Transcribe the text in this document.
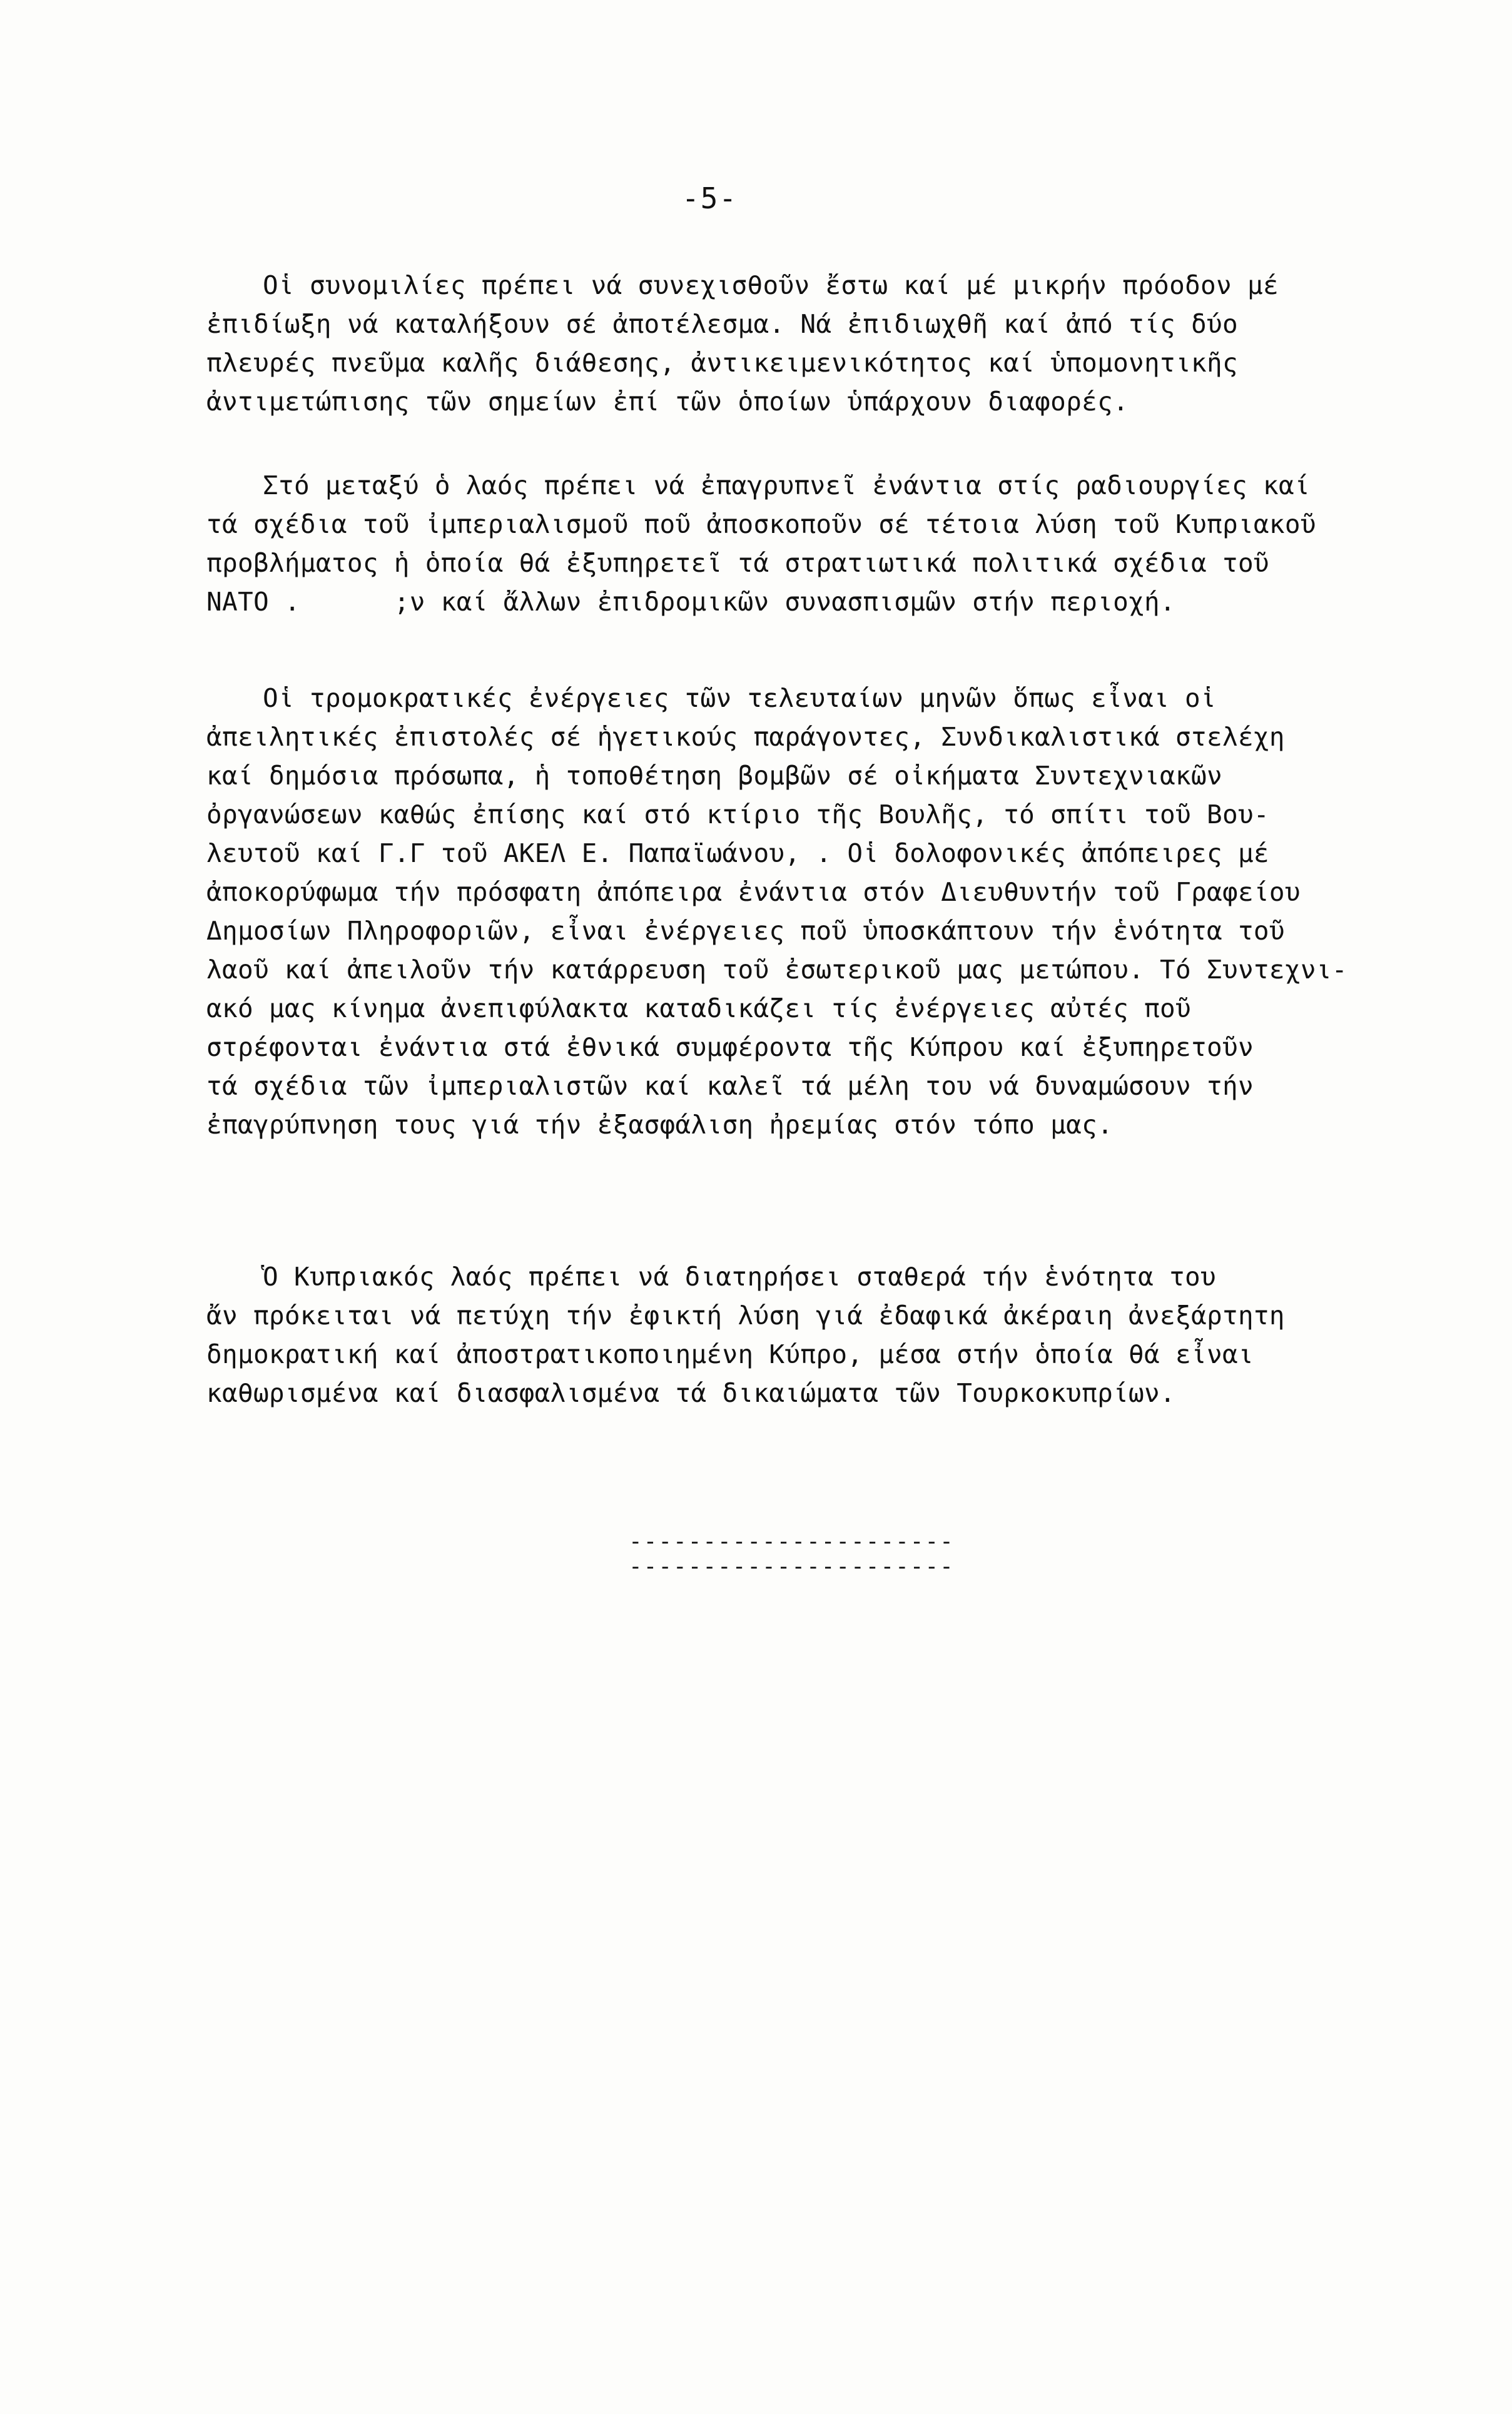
-5-
Οἱ συνομιλίες πρέπει νά συνεχισθοῦν ἔστω καί μέ μικρήν πρόοδον μέ
ἐπιδίωξη νά καταλήξουν σέ ἀποτέλεσμα. Νά ἐπιδιωχθῆ καί ἀπό τίς δύο
πλευρές πνεῦμα καλῆς διάθεσης, ἀντικειμενικότητος καί ὑπομονητικῆς
ἀντιμετώπισης τῶν σημείων ἐπί τῶν ὁποίων ὑπάρχουν διαφορές.
Στό μεταξύ ὁ λαός πρέπει νά ἐπαγρυπνεῖ ἐνάντια στίς ραδιουργίες καί
τά σχέδια τοῦ ἰμπεριαλισμοῦ ποῦ ἀποσκοποῦν σέ τέτοια λύση τοῦ Κυπριακοῦ
προβλήματος ἡ ὁποία θά ἐξυπηρετεῖ τά στρατιωτικά πολιτικά σχέδια τοῦ
ΝΑΤΟ .      ;ν καί ἄλλων ἐπιδρομικῶν συνασπισμῶν στήν περιοχή.
Οἱ τρομοκρατικές ἐνέργειες τῶν τελευταίων μηνῶν ὅπως εἶναι οἱ
ἀπειλητικές ἐπιστολές σέ ἡγετικούς παράγοντες, Συνδικαλιστικά στελέχη
καί δημόσια πρόσωπα, ἡ τοποθέτηση βομβῶν σέ οἰκήματα Συντεχνιακῶν
ὀργανώσεων καθώς ἐπίσης καί στό κτίριο τῆς Βουλῆς, τό σπίτι τοῦ Βου-
λευτοῦ καί Γ.Γ τοῦ ΑΚΕΛ Ε. Παπαϊωάνου, . Οἱ δολοφονικές ἀπόπειρες μέ
ἀποκορύφωμα τήν πρόσφατη ἀπόπειρα ἐνάντια στόν Διευθυντήν τοῦ Γραφείου
Δημοσίων Πληροφοριῶν, εἶναι ἐνέργειες ποῦ ὑποσκάπτουν τήν ἑνότητα τοῦ
λαοῦ καί ἀπειλοῦν τήν κατάρρευση τοῦ ἐσωτερικοῦ μας μετώπου. Τό Συντεχνι-
ακό μας κίνημα ἀνεπιφύλακτα καταδικάζει τίς ἐνέργειες αὐτές ποῦ
στρέφονται ἐνάντια στά ἐθνικά συμφέροντα τῆς Κύπρου καί ἐξυπηρετοῦν
τά σχέδια τῶν ἰμπεριαλιστῶν καί καλεῖ τά μέλη του νά δυναμώσουν τήν
ἐπαγρύπνηση τους γιά τήν ἐξασφάλιση ἠρεμίας στόν τόπο μας.
Ὁ Κυπριακός λαός πρέπει νά διατηρήσει σταθερά τήν ἑνότητα του
ἄν πρόκειται νά πετύχη τήν ἐφικτή λύση γιά ἐδαφικά ἀκέραιη ἀνεξάρτητη
δημοκρατική καί ἀποστρατικοποιημένη Κύπρο, μέσα στήν ὁποία θά εἶναι
καθωρισμένα καί διασφαλισμένα τά δικαιώματα τῶν Τουρκοκυπρίων.
----------------------
----------------------
